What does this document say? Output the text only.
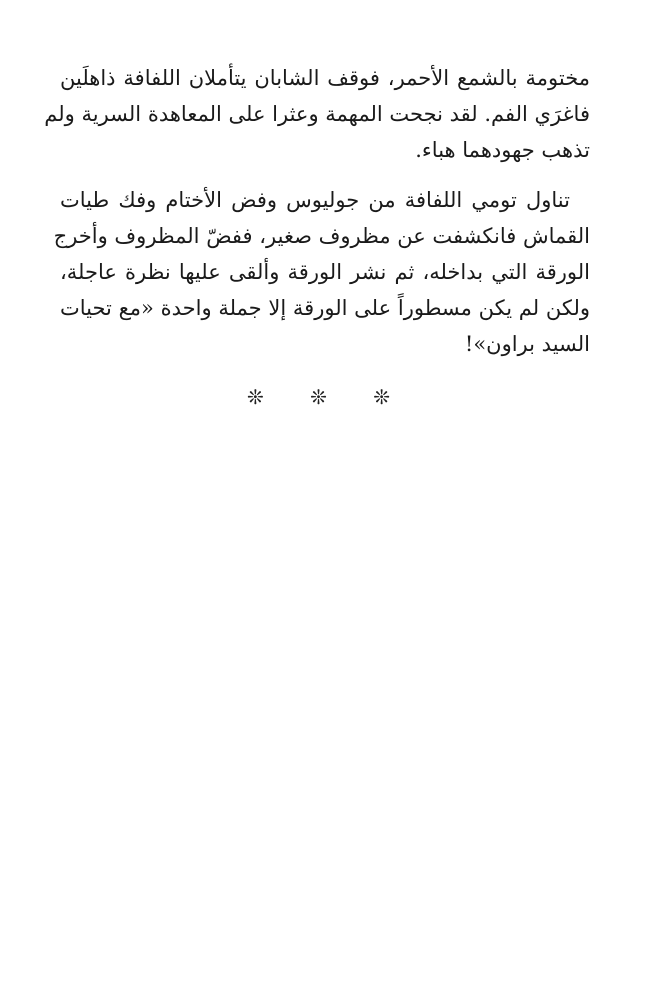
مختومة بالشمع الأحمر، فوقف الشابان يتأملان اللفافة ذاهلَين
فاغرَي الفم. لقد نجحت المهمة وعثرا على المعاهدة السرية ولم
تذهب جهودهما هباء.

تناول تومي اللفافة من جوليوس وفض الأختام وفك طيات
القماش فانكشفت عن مظروف صغير، ففضّ المظروف وأخرج
الورقة التي بداخله، ثم نشر الورقة وألقى عليها نظرة عاجلة،
ولكن لم يكن مسطوراً على الورقة إلا جملة واحدة «مع تحيات
السيد براون»!

❊ ❊ ❊
